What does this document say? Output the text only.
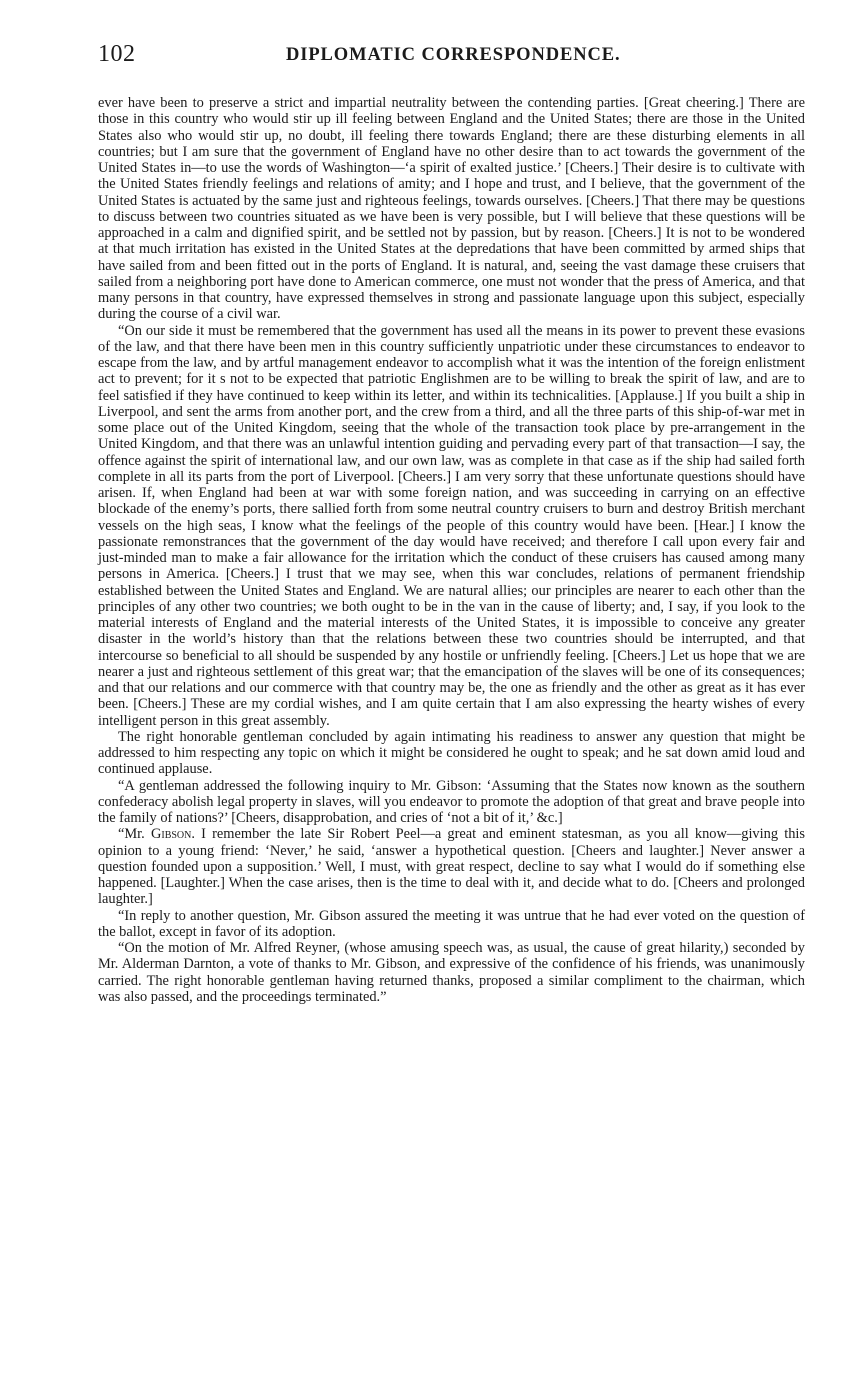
102	DIPLOMATIC CORRESPONDENCE.

ever have been to preserve a strict and impartial neutrality between the contending parties. [Great cheering.] There are those in this country who would stir up ill feeling between England and the United States; there are those in the United States also who would stir up, no doubt, ill feeling there towards England; there are these disturbing elements in all countries; but I am sure that the government of England have no other desire than to act towards the government of the United States in—to use the words of Washington—‘a spirit of exalted justice.’ [Cheers.] Their desire is to cultivate with the United States friendly feelings and relations of amity; and I hope and trust, and I believe, that the government of the United States is actuated by the same just and righteous feelings, towards ourselves. [Cheers.] That there may be questions to discuss between two countries situated as we have been is very possible, but I will believe that these questions will be approached in a calm and dignified spirit, and be settled not by passion, but by reason. [Cheers.] It is not to be wondered at that much irritation has existed in the United States at the depredations that have been committed by armed ships that have sailed from and been fitted out in the ports of England. It is natural, and, seeing the vast damage these cruisers that sailed from a neighboring port have done to American commerce, one must not wonder that the press of America, and that many persons in that country, have expressed themselves in strong and passionate language upon this subject, especially during the course of a civil war.

“On our side it must be remembered that the government has used all the means in its power to prevent these evasions of the law, and that there have been men in this country sufficiently unpatriotic under these circumstances to endeavor to escape from the law, and by artful management endeavor to accomplish what it was the intention of the foreign enlistment act to prevent; for it s not to be expected that patriotic Englishmen are to be willing to break the spirit of law, and are to feel satisfied if they have continued to keep within its letter, and within its technicalities. [Applause.] If you built a ship in Liverpool, and sent the arms from another port, and the crew from a third, and all the three parts of this ship-of-war met in some place out of the United Kingdom, seeing that the whole of the transaction took place by pre-arrangement in the United Kingdom, and that there was an unlawful intention guiding and pervading every part of that transaction—I say, the offence against the spirit of international law, and our own law, was as complete in that case as if the ship had sailed forth complete in all its parts from the port of Liverpool. [Cheers.] I am very sorry that these unfortunate questions should have arisen. If, when England had been at war with some foreign nation, and was succeeding in carrying on an effective blockade of the enemy’s ports, there sallied forth from some neutral country cruisers to burn and destroy British merchant vessels on the high seas, I know what the feelings of the people of this country would have been. [Hear.] I know the passionate remonstrances that the government of the day would have received; and therefore I call upon every fair and just-minded man to make a fair allowance for the irritation which the conduct of these cruisers has caused among many persons in America. [Cheers.] I trust that we may see, when this war concludes, relations of permanent friendship established between the United States and England. We are natural allies; our principles are nearer to each other than the principles of any other two countries; we both ought to be in the van in the cause of liberty; and, I say, if you look to the material interests of England and the material interests of the United States, it is impossible to conceive any greater disaster in the world’s history than that the relations between these two countries should be interrupted, and that intercourse so beneficial to all should be suspended by any hostile or unfriendly feeling. [Cheers.] Let us hope that we are nearer a just and righteous settlement of this great war; that the emancipation of the slaves will be one of its consequences; and that our relations and our commerce with that country may be, the one as friendly and the other as great as it has ever been. [Cheers.] These are my cordial wishes, and I am quite certain that I am also expressing the hearty wishes of every intelligent person in this great assembly.

The right honorable gentleman concluded by again intimating his readiness to answer any question that might be addressed to him respecting any topic on which it might be considered he ought to speak; and he sat down amid loud and continued applause.

“A gentleman addressed the following inquiry to Mr. Gibson: ‘Assuming that the States now known as the southern confederacy abolish legal property in slaves, will you endeavor to promote the adoption of that great and brave people into the family of nations?’ [Cheers, disapprobation, and cries of ‘not a bit of it,’ &c.]

“Mr. Gibson. I remember the late Sir Robert Peel—a great and eminent statesman, as you all know—giving this opinion to a young friend: ‘Never,’ he said, ‘answer a hypothetical question. [Cheers and laughter.] Never answer a question founded upon a supposition.’ Well, I must, with great respect, decline to say what I would do if something else happened. [Laughter.] When the case arises, then is the time to deal with it, and decide what to do. [Cheers and prolonged laughter.]

“In reply to another question, Mr. Gibson assured the meeting it was untrue that he had ever voted on the question of the ballot, except in favor of its adoption.

“On the motion of Mr. Alfred Reyner, (whose amusing speech was, as usual, the cause of great hilarity,) seconded by Mr. Alderman Darnton, a vote of thanks to Mr. Gibson, and expressive of the confidence of his friends, was unanimously carried. The right honorable gentleman having returned thanks, proposed a similar compliment to the chairman, which was also passed, and the proceedings terminated.”
